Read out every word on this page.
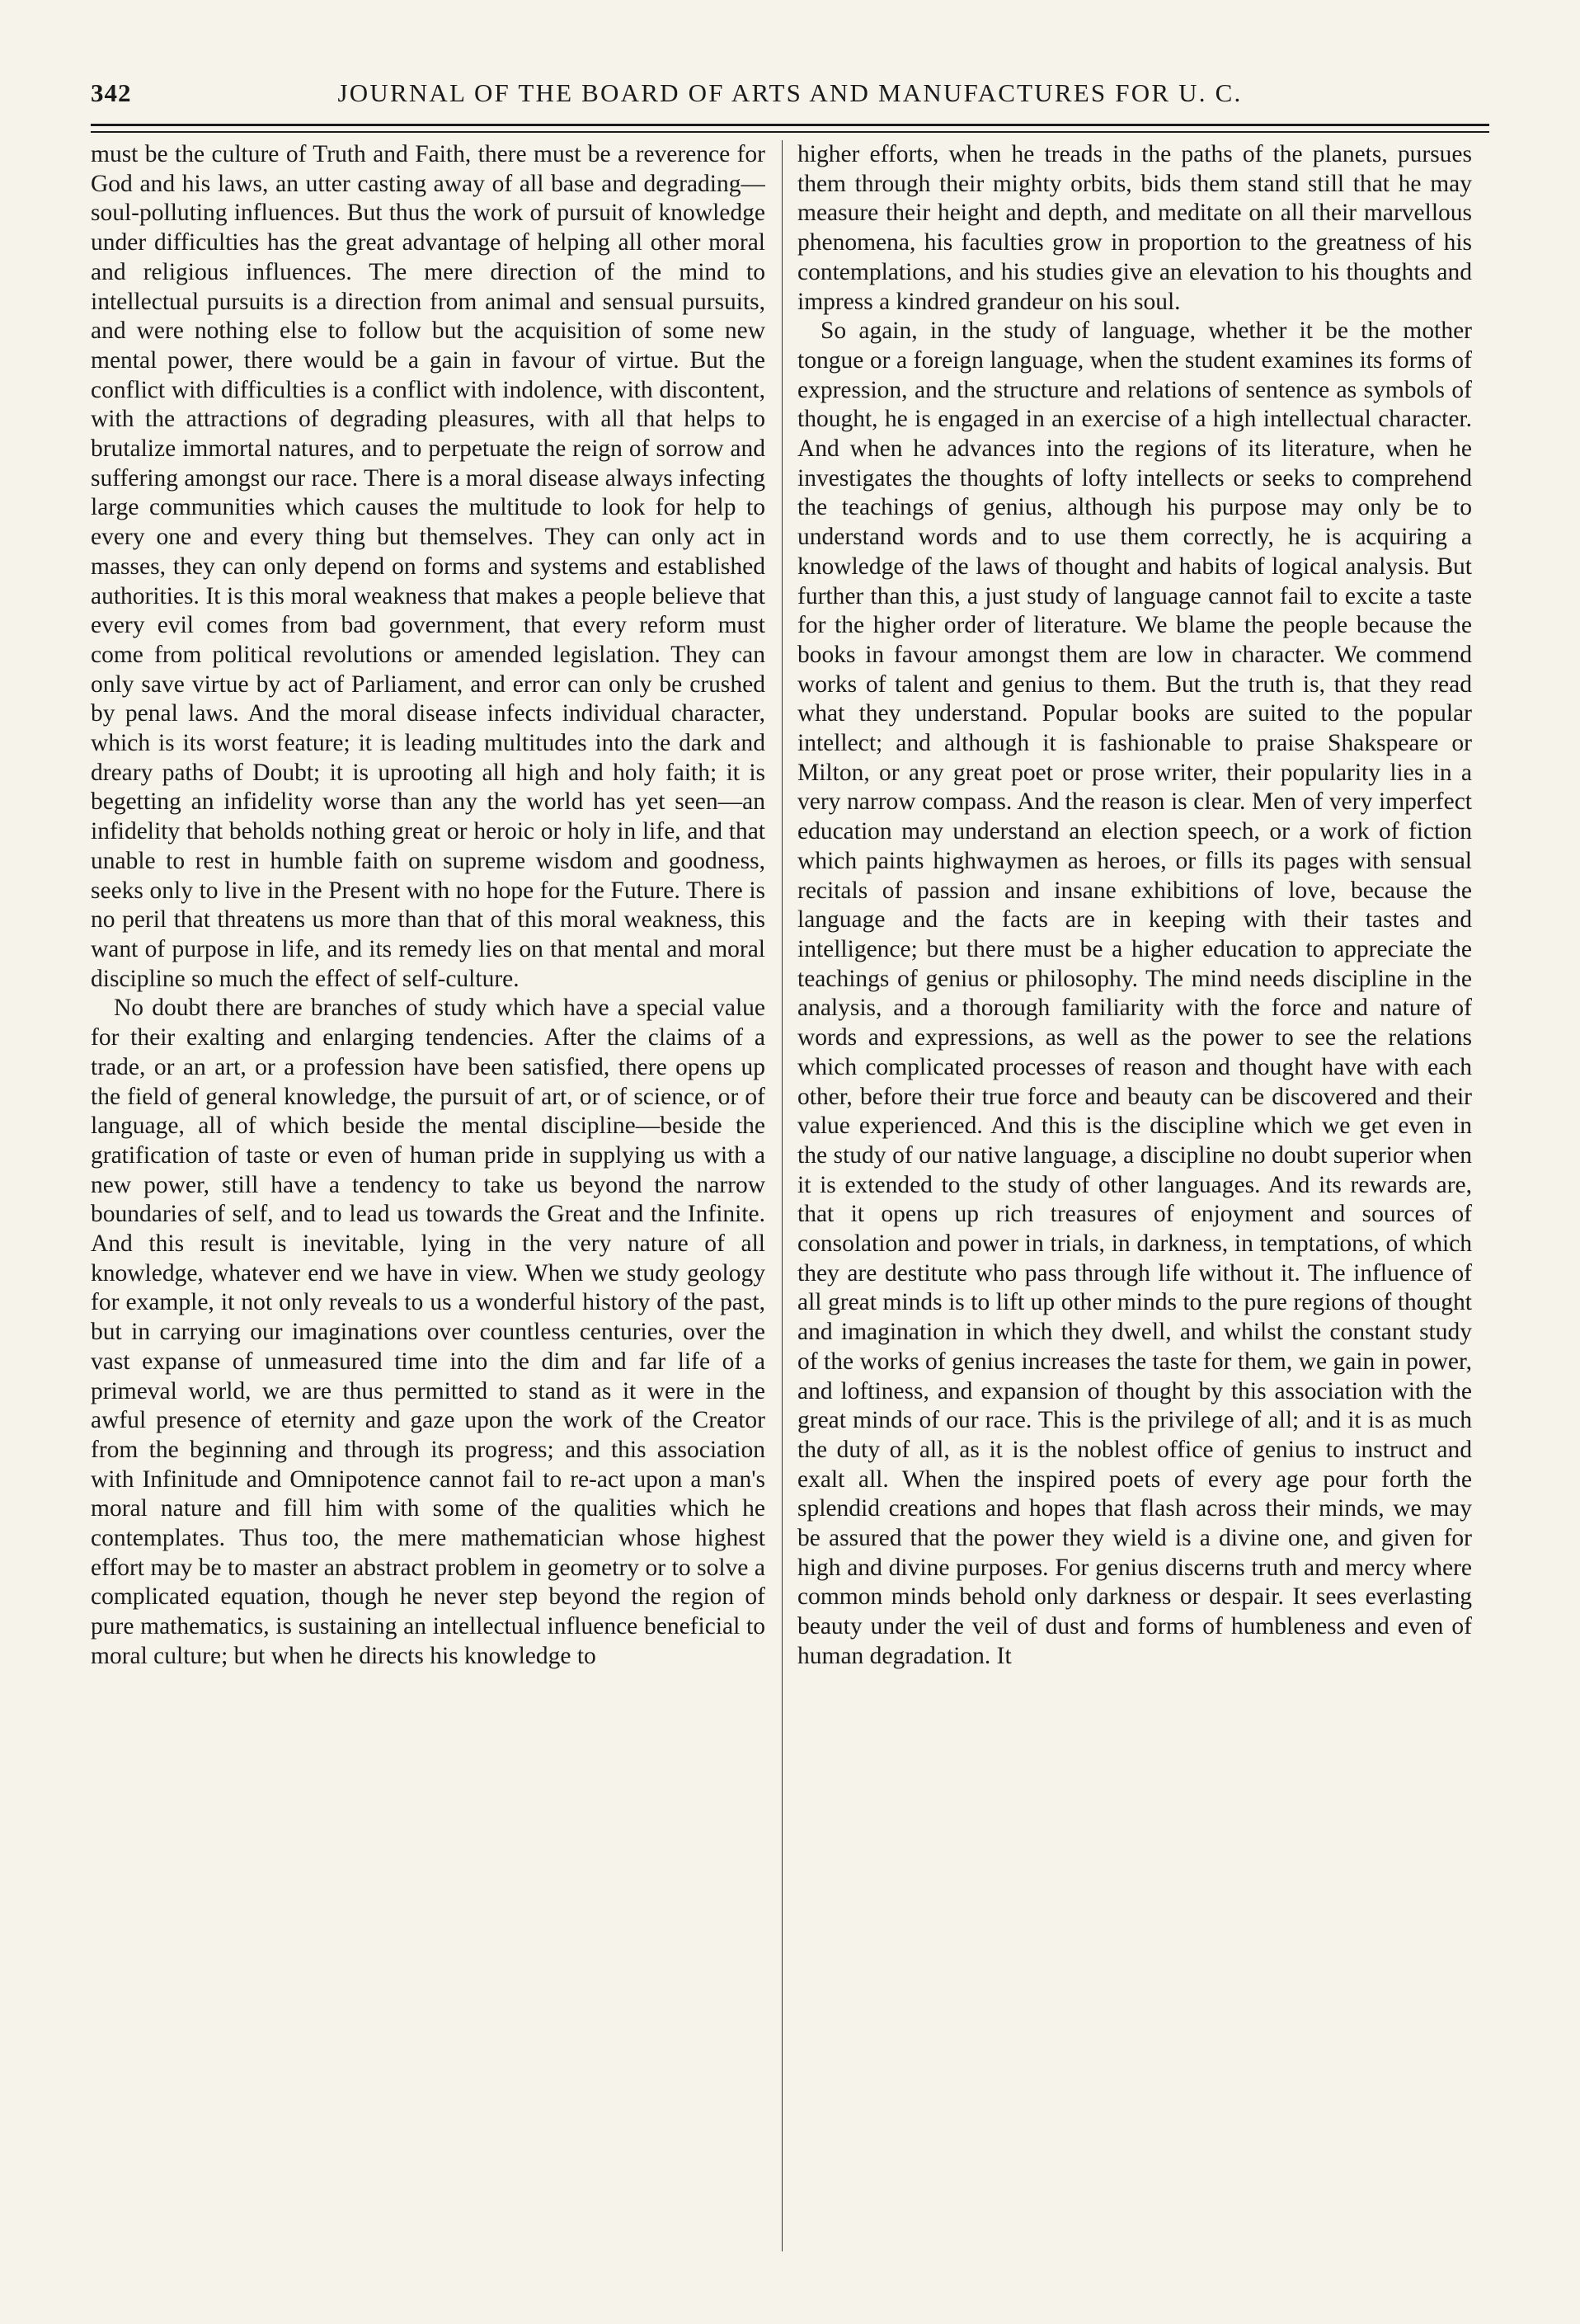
342	JOURNAL OF THE BOARD OF ARTS AND MANUFACTURES FOR U. C.

must be the culture of Truth and Faith, there must be a reverence for God and his laws, an utter casting away of all base and degrading—soul-polluting influences. But thus the work of pursuit of knowledge under difficulties has the great advantage of helping all other moral and religious influences. The mere direction of the mind to intellectual pursuits is a direction from animal and sensual pursuits, and were nothing else to follow but the acquisition of some new mental power, there would be a gain in favour of virtue. But the conflict with difficulties is a conflict with indolence, with discontent, with the attractions of degrading pleasures, with all that helps to brutalize immortal natures, and to perpetuate the reign of sorrow and suffering amongst our race. There is a moral disease always infecting large communities which causes the multitude to look for help to every one and every thing but themselves. They can only act in masses, they can only depend on forms and systems and established authorities. It is this moral weakness that makes a people believe that every evil comes from bad government, that every reform must come from political revolutions or amended legislation. They can only save virtue by act of Parliament, and error can only be crushed by penal laws. And the moral disease infects individual character, which is its worst feature; it is leading multitudes into the dark and dreary paths of Doubt; it is uprooting all high and holy faith; it is begetting an infidelity worse than any the world has yet seen—an infidelity that beholds nothing great or heroic or holy in life, and that unable to rest in humble faith on supreme wisdom and goodness, seeks only to live in the Present with no hope for the Future. There is no peril that threatens us more than that of this moral weakness, this want of purpose in life, and its remedy lies on that mental and moral discipline so much the effect of self-culture.

No doubt there are branches of study which have a special value for their exalting and enlarging tendencies. After the claims of a trade, or an art, or a profession have been satisfied, there opens up the field of general knowledge, the pursuit of art, or of science, or of language, all of which beside the mental discipline—beside the gratification of taste or even of human pride in supplying us with a new power, still have a tendency to take us beyond the narrow boundaries of self, and to lead us towards the Great and the Infinite. And this result is inevitable, lying in the very nature of all knowledge, whatever end we have in view. When we study geology for example, it not only reveals to us a wonderful history of the past, but in carrying our imaginations over countless centuries, over the vast expanse of unmeasured time into the dim and far life of a primeval world, we are thus permitted to stand as it were in the awful presence of eternity and gaze upon the work of the Creator from the beginning and through its progress; and this association with Infinitude and Omnipotence cannot fail to re-act upon a man's moral nature and fill him with some of the qualities which he contemplates. Thus too, the mere mathematician whose highest effort may be to master an abstract problem in geometry or to solve a complicated equation, though he never step beyond the region of pure mathematics, is sustaining an intellectual influence beneficial to moral culture; but when he directs his knowledge to

higher efforts, when he treads in the paths of the planets, pursues them through their mighty orbits, bids them stand still that he may measure their height and depth, and meditate on all their marvellous phenomena, his faculties grow in proportion to the greatness of his contemplations, and his studies give an elevation to his thoughts and impress a kindred grandeur on his soul.

So again, in the study of language, whether it be the mother tongue or a foreign language, when the student examines its forms of expression, and the structure and relations of sentence as symbols of thought, he is engaged in an exercise of a high intellectual character. And when he advances into the regions of its literature, when he investigates the thoughts of lofty intellects or seeks to comprehend the teachings of genius, although his purpose may only be to understand words and to use them correctly, he is acquiring a knowledge of the laws of thought and habits of logical analysis. But further than this, a just study of language cannot fail to excite a taste for the higher order of literature. We blame the people because the books in favour amongst them are low in character. We commend works of talent and genius to them. But the truth is, that they read what they understand. Popular books are suited to the popular intellect; and although it is fashionable to praise Shakspeare or Milton, or any great poet or prose writer, their popularity lies in a very narrow compass. And the reason is clear. Men of very imperfect education may understand an election speech, or a work of fiction which paints highwaymen as heroes, or fills its pages with sensual recitals of passion and insane exhibitions of love, because the language and the facts are in keeping with their tastes and intelligence; but there must be a higher education to appreciate the teachings of genius or philosophy. The mind needs discipline in the analysis, and a thorough familiarity with the force and nature of words and expressions, as well as the power to see the relations which complicated processes of reason and thought have with each other, before their true force and beauty can be discovered and their value experienced. And this is the discipline which we get even in the study of our native language, a discipline no doubt superior when it is extended to the study of other languages. And its rewards are, that it opens up rich treasures of enjoyment and sources of consolation and power in trials, in darkness, in temptations, of which they are destitute who pass through life without it. The influence of all great minds is to lift up other minds to the pure regions of thought and imagination in which they dwell, and whilst the constant study of the works of genius increases the taste for them, we gain in power, and loftiness, and expansion of thought by this association with the great minds of our race. This is the privilege of all; and it is as much the duty of all, as it is the noblest office of genius to instruct and exalt all. When the inspired poets of every age pour forth the splendid creations and hopes that flash across their minds, we may be assured that the power they wield is a divine one, and given for high and divine purposes. For genius discerns truth and mercy where common minds behold only darkness or despair. It sees everlasting beauty under the veil of dust and forms of humbleness and even of human degradation. It
